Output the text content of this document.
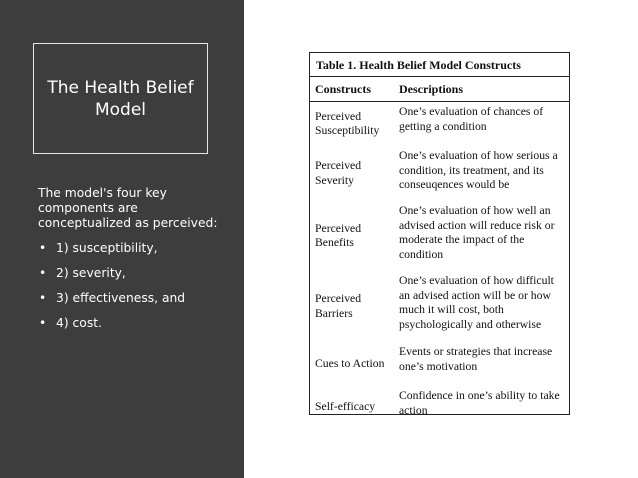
The Health Belief Model

The model's four key components are conceptualized as perceived:

• 1) susceptibility,
• 2) severity,
• 3) effectiveness, and
• 4) cost.
Table 1. Health Belief Model Constructs
Constructs	Descriptions
Perceived Susceptibility	One’s evaluation of chances of getting a condition
Perceived Severity	One’s evaluation of how serious a condition, its treatment, and its conseuqences would be
Perceived Benefits	One’s evaluation of how well an advised action will reduce risk or moderate the impact of the condition
Perceived Barriers	One’s evaluation of how difficult an advised action will be or how much it will cost, both psychologically and otherwise
Cues to Action	Events or strategies that increase one’s motivation
Self-efficacy	Confidence in one’s ability to take action
